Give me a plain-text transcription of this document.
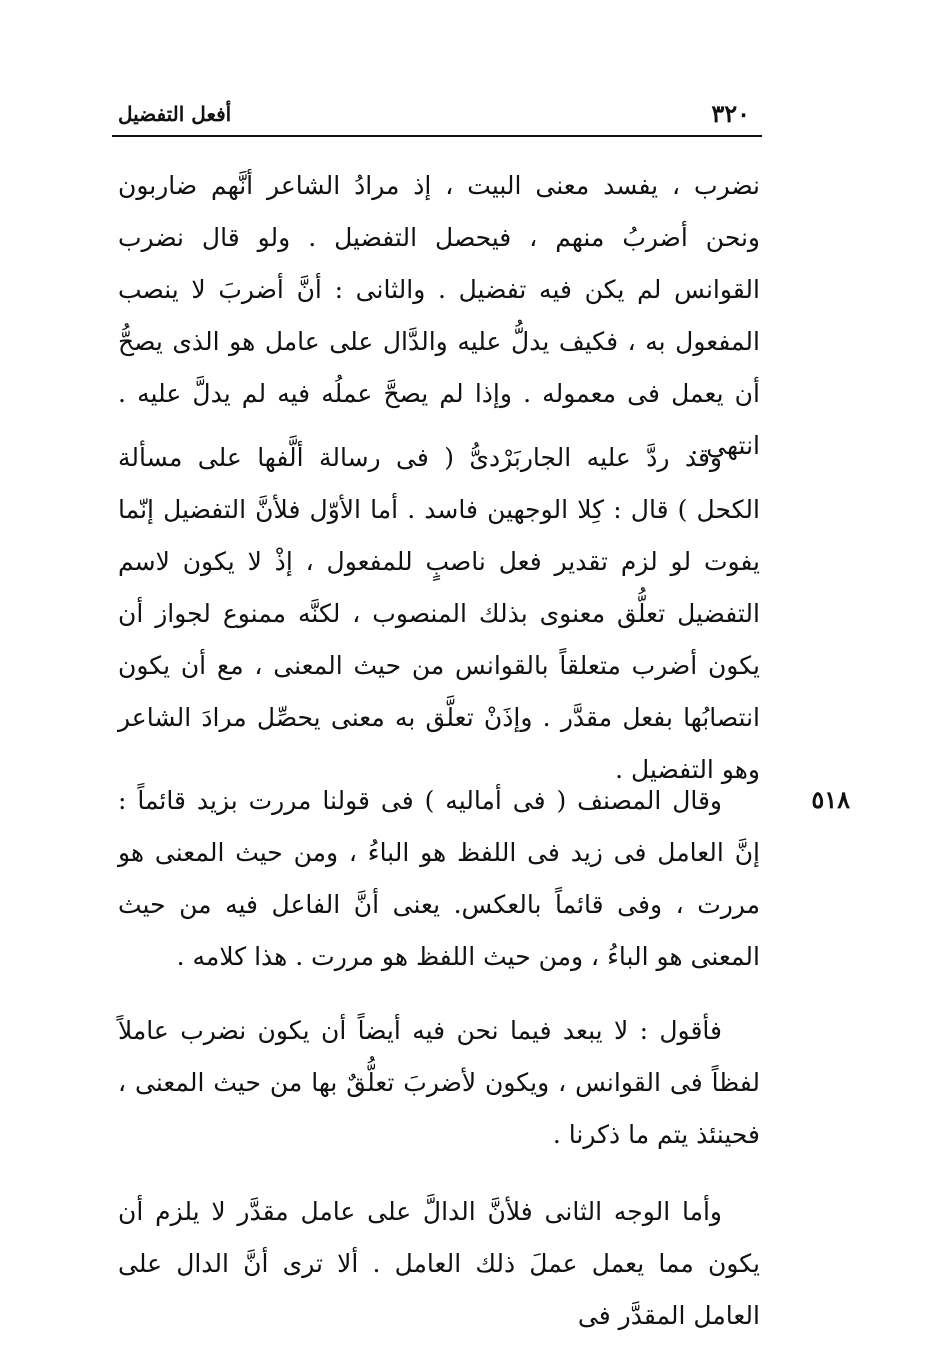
٣٢٠
أفعل التفضيل
نضرب ، يفسد معنى البيت ، إذ مرادُ الشاعر أنَّهم ضاربون ونحن أضربُ منهم ، فيحصل التفضيل . ولو قال نضرب القوانس لم يكن فيه تفضيل . والثانى : أنَّ أضربَ لا ينصب المفعول به ، فكيف يدلُّ عليه والدَّال على عامل هو الذى يصحُّ أن يعمل فى معموله . وإذا لم يصحَّ عملُه فيه لم يدلَّ عليه . انتهى .
وقد ردَّ عليه الجاربَرْدىُّ ( فى رسالة ألَّفها على مسألة الكحل ) قال : كِلا الوجهين فاسد . أما الأوّل فلأنَّ التفضيل إنّما يفوت لو لزم تقدير فعل ناصبٍ للمفعول ، إذْ لا يكون لاسم التفضيل تعلُّق معنوى بذلك المنصوب ، لكنَّه ممنوع لجواز أن يكون أضرب متعلقاً بالقوانس من حيث المعنى ، مع أن يكون انتصابُها بفعل مقدَّر . وإذَنْ تعلَّق به معنى يحصِّل مرادَ الشاعر وهو التفضيل .
٥١٨
وقال المصنف ( فى أماليه ) فى قولنا مررت بزيد قائماً : إنَّ العامل فى زيد فى اللفظ هو الباءُ ، ومن حيث المعنى هو مررت ، وفى قائماً بالعكس. يعنى أنَّ الفاعل فيه من حيث المعنى هو الباءُ ، ومن حيث اللفظ هو مررت . هذا كلامه .
فأقول : لا يبعد فيما نحن فيه أيضاً أن يكون نضرب عاملاً لفظاً فى القوانس ، ويكون لأضربَ تعلُّقٌ بها من حيث المعنى ، فحينئذ يتم ما ذكرنا .
وأما الوجه الثانى فلأنَّ الدالَّ على عامل مقدَّر لا يلزم أن يكون مما يعمل عملَ ذلك العامل . ألا ترى أنَّ الدال على العامل المقدَّر فى
